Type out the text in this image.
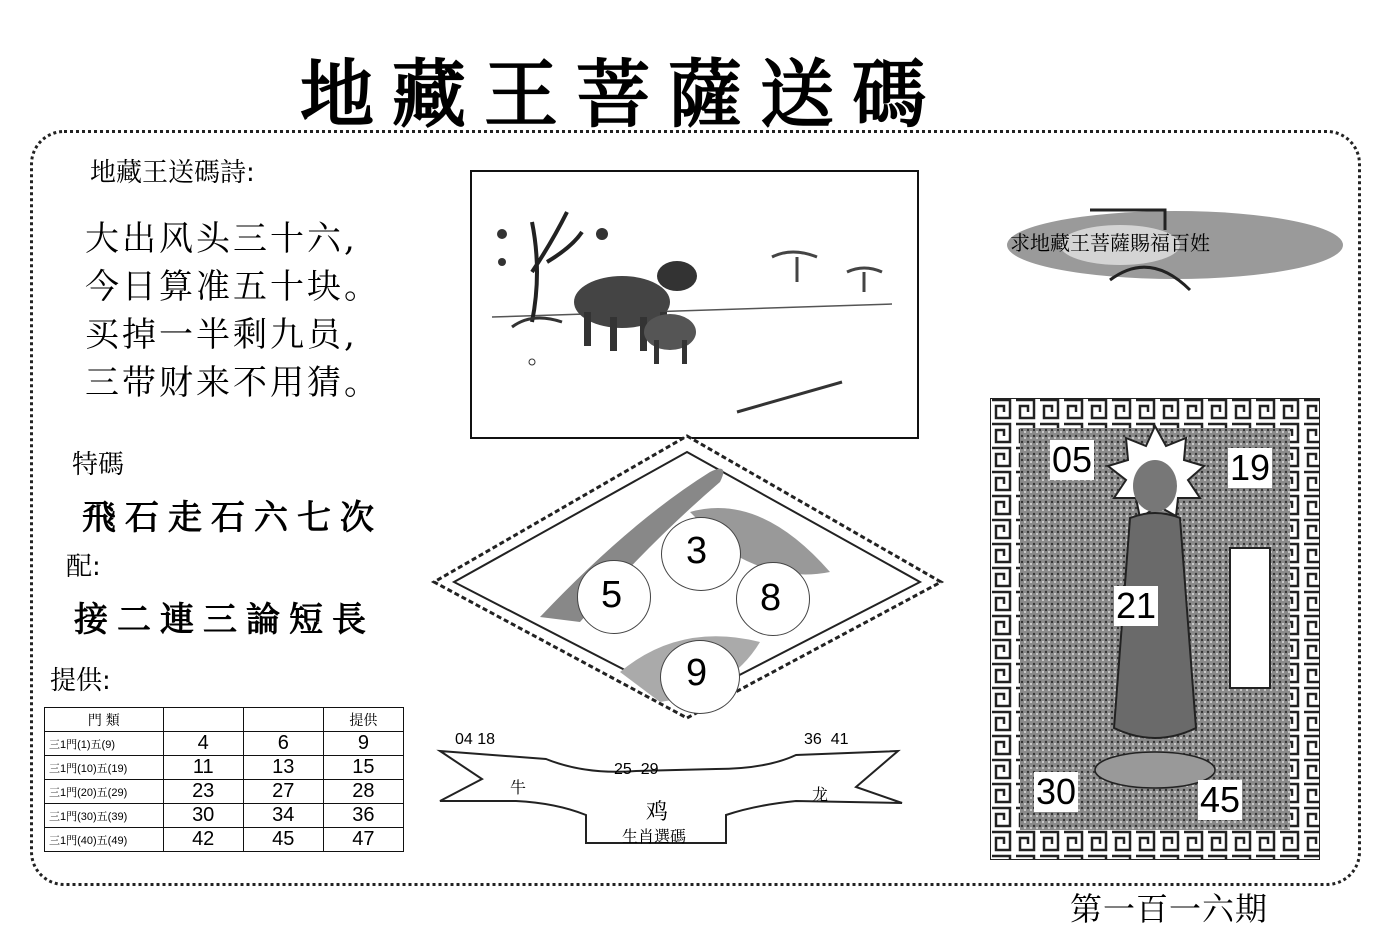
地藏王菩薩送碼
地藏王送碼詩:
大出风头三十六,
今日算准五十块。
买掉一半剩九员,
三带财来不用猜。
特碼
飛石走石六七次
配:
接二連三論短長
提供:
門 類			提供
三1門(1)五(9)	4	6	9
三1門(10)五(19)	11	13	15
三1門(20)五(29)	23	27	28
三1門(30)五(39)	30	34	36
三1門(40)五(49)	42	45	47
求地藏王菩薩賜福百姓
3
5	8
9
04 18
牛
25  29
鸡
生肖選碼
36  41
龙
05	19
21
30	45
第一百一六期
